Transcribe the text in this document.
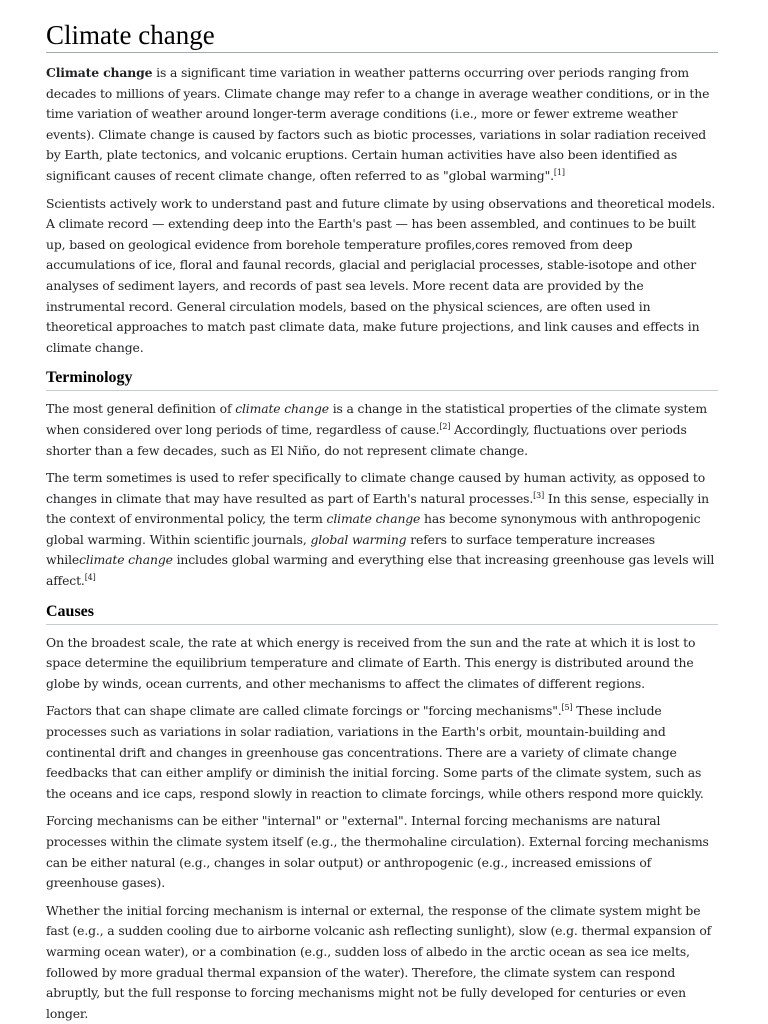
Climate change

Climate change is a significant time variation in weather patterns occurring over periods ranging from decades to millions of years. Climate change may refer to a change in average weather conditions, or in the time variation of weather around longer-term average conditions (i.e., more or fewer extreme weather events). Climate change is caused by factors such as biotic processes, variations in solar radiation received by Earth, plate tectonics, and volcanic eruptions. Certain human activities have also been identified as significant causes of recent climate change, often referred to as "global warming".[1]

Scientists actively work to understand past and future climate by using observations and theoretical models. A climate record — extending deep into the Earth's past — has been assembled, and continues to be built up, based on geological evidence from borehole temperature profiles,cores removed from deep accumulations of ice, floral and faunal records, glacial and periglacial processes, stable-isotope and other analyses of sediment layers, and records of past sea levels. More recent data are provided by the instrumental record. General circulation models, based on the physical sciences, are often used in theoretical approaches to match past climate data, make future projections, and link causes and effects in climate change.

Terminology

The most general definition of climate change is a change in the statistical properties of the climate system when considered over long periods of time, regardless of cause.[2] Accordingly, fluctuations over periods shorter than a few decades, such as El Niño, do not represent climate change.

The term sometimes is used to refer specifically to climate change caused by human activity, as opposed to changes in climate that may have resulted as part of Earth's natural processes.[3] In this sense, especially in the context of environmental policy, the term climate change has become synonymous with anthropogenic global warming. Within scientific journals, global warming refers to surface temperature increases whileclimate change includes global warming and everything else that increasing greenhouse gas levels will affect.[4]

Causes

On the broadest scale, the rate at which energy is received from the sun and the rate at which it is lost to space determine the equilibrium temperature and climate of Earth. This energy is distributed around the globe by winds, ocean currents, and other mechanisms to affect the climates of different regions.

Factors that can shape climate are called climate forcings or "forcing mechanisms".[5] These include processes such as variations in solar radiation, variations in the Earth's orbit, mountain-building and continental drift and changes in greenhouse gas concentrations. There are a variety of climate change feedbacks that can either amplify or diminish the initial forcing. Some parts of the climate system, such as the oceans and ice caps, respond slowly in reaction to climate forcings, while others respond more quickly.

Forcing mechanisms can be either "internal" or "external". Internal forcing mechanisms are natural processes within the climate system itself (e.g., the thermohaline circulation). External forcing mechanisms can be either natural (e.g., changes in solar output) or anthropogenic (e.g., increased emissions of greenhouse gases).

Whether the initial forcing mechanism is internal or external, the response of the climate system might be fast (e.g., a sudden cooling due to airborne volcanic ash reflecting sunlight), slow (e.g. thermal expansion of warming ocean water), or a combination (e.g., sudden loss of albedo in the arctic ocean as sea ice melts, followed by more gradual thermal expansion of the water). Therefore, the climate system can respond abruptly, but the full response to forcing mechanisms might not be fully developed for centuries or even longer.
